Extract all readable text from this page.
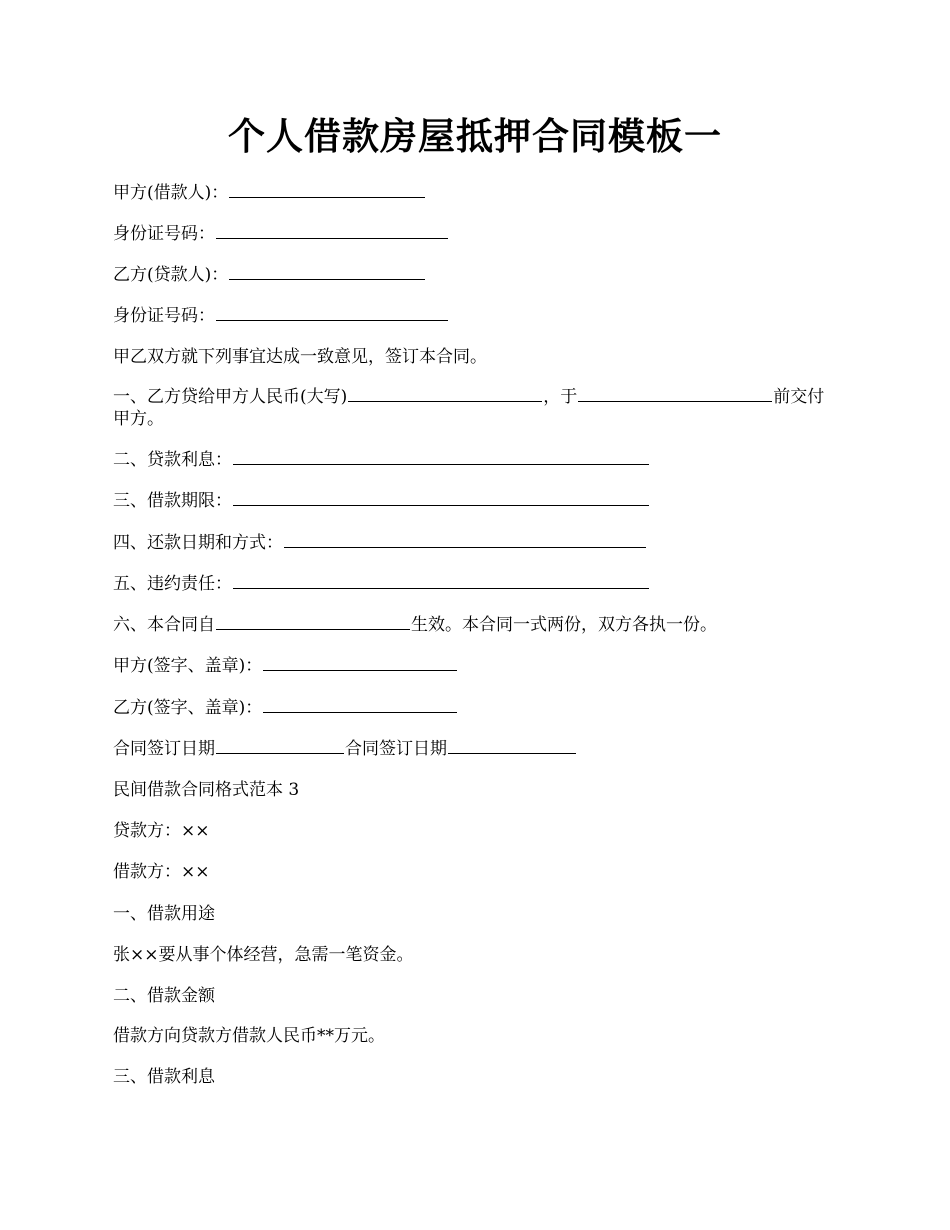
个人借款房屋抵押合同模板一
甲方(借款人)：
身份证号码：
乙方(贷款人)：
身份证号码：
甲乙双方就下列事宜达成一致意见，签订本合同。
一、乙方贷给甲方人民币(大写)	，于	前交付甲方。
二、贷款利息：
三、借款期限：
四、还款日期和方式：
五、违约责任：
六、本合同自	生效。本合同一式两份，双方各执一份。
甲方(签字、盖章)：
乙方(签字、盖章)：
合同签订日期	合同签订日期
民间借款合同格式范本 3
贷款方：××
借款方：××
一、借款用途
张××要从事个体经营，急需一笔资金。
二、借款金额
借款方向贷款方借款人民币**万元。
三、借款利息
